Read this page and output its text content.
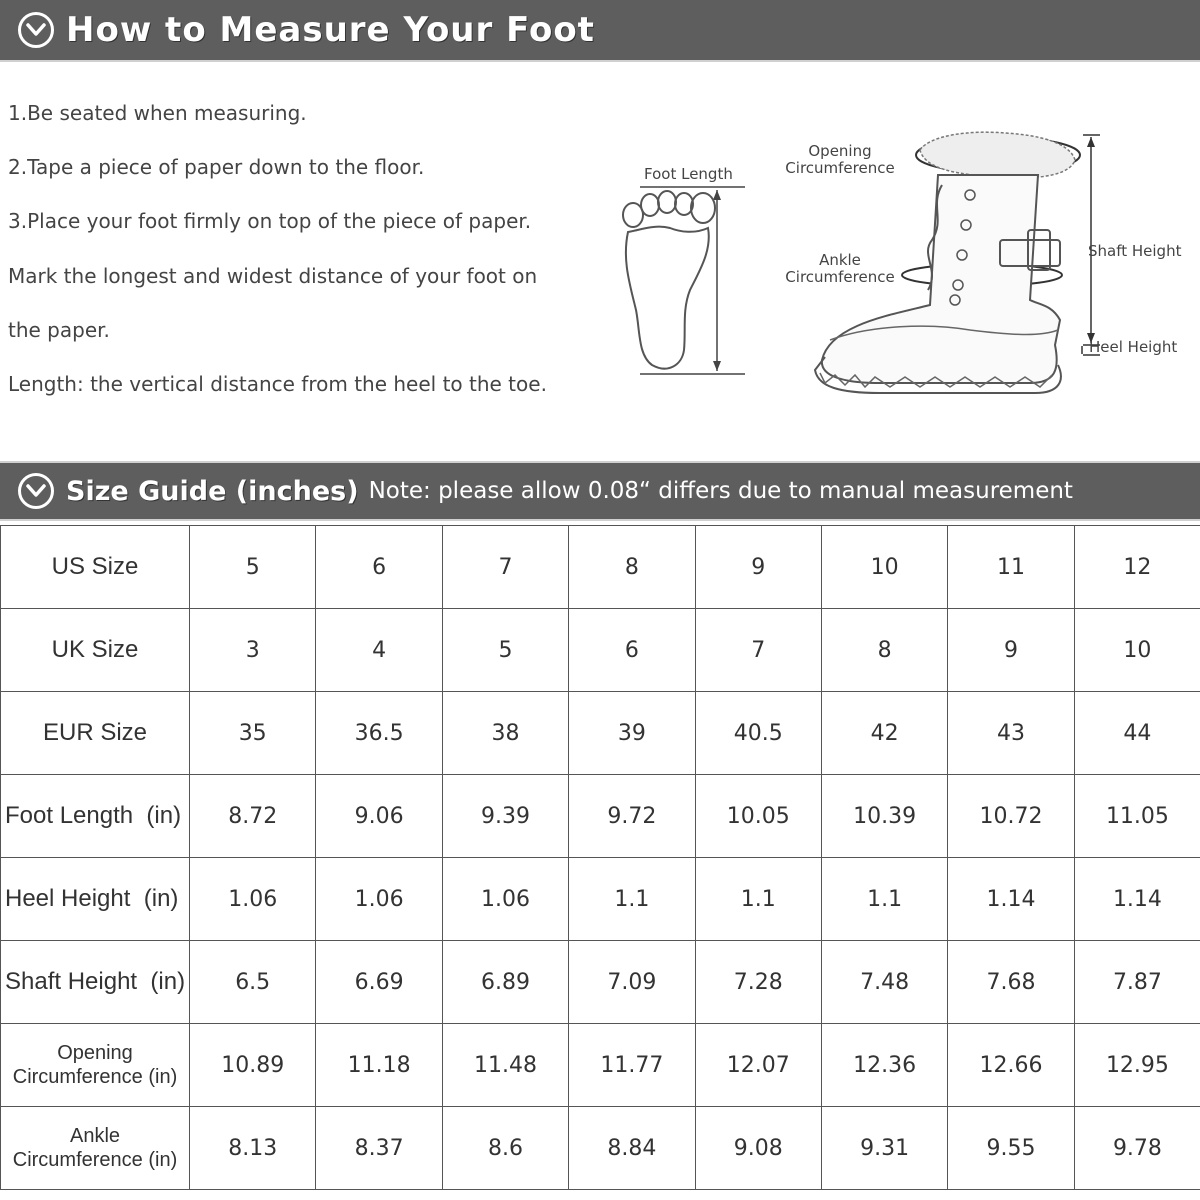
How to Measure Your Foot
1.Be seated when measuring.
2.Tape a piece of paper down to the floor.
3.Place your foot firmly on top of the piece of paper.
Mark the longest and widest distance of your foot on
the paper.
Length: the vertical distance from the heel to the toe.
Foot Length
Opening
Circumference
Ankle
Circumference
Shaft Height
Heel Height
Size Guide (inches) Note: please allow 0.08“ differs due to manual measurement
US Size	5	6	7	8	9	10	11	12
UK Size	3	4	5	6	7	8	9	10
EUR Size	35	36.5	38	39	40.5	42	43	44
Foot Length  (in)	8.72	9.06	9.39	9.72	10.05	10.39	10.72	11.05
Heel Height  (in)	1.06	1.06	1.06	1.1	1.1	1.1	1.14	1.14
Shaft Height  (in)	6.5	6.69	6.89	7.09	7.28	7.48	7.68	7.87
Opening
Circumference (in)	10.89	11.18	11.48	11.77	12.07	12.36	12.66	12.95
Ankle
Circumference (in)	8.13	8.37	8.6	8.84	9.08	9.31	9.55	9.78
